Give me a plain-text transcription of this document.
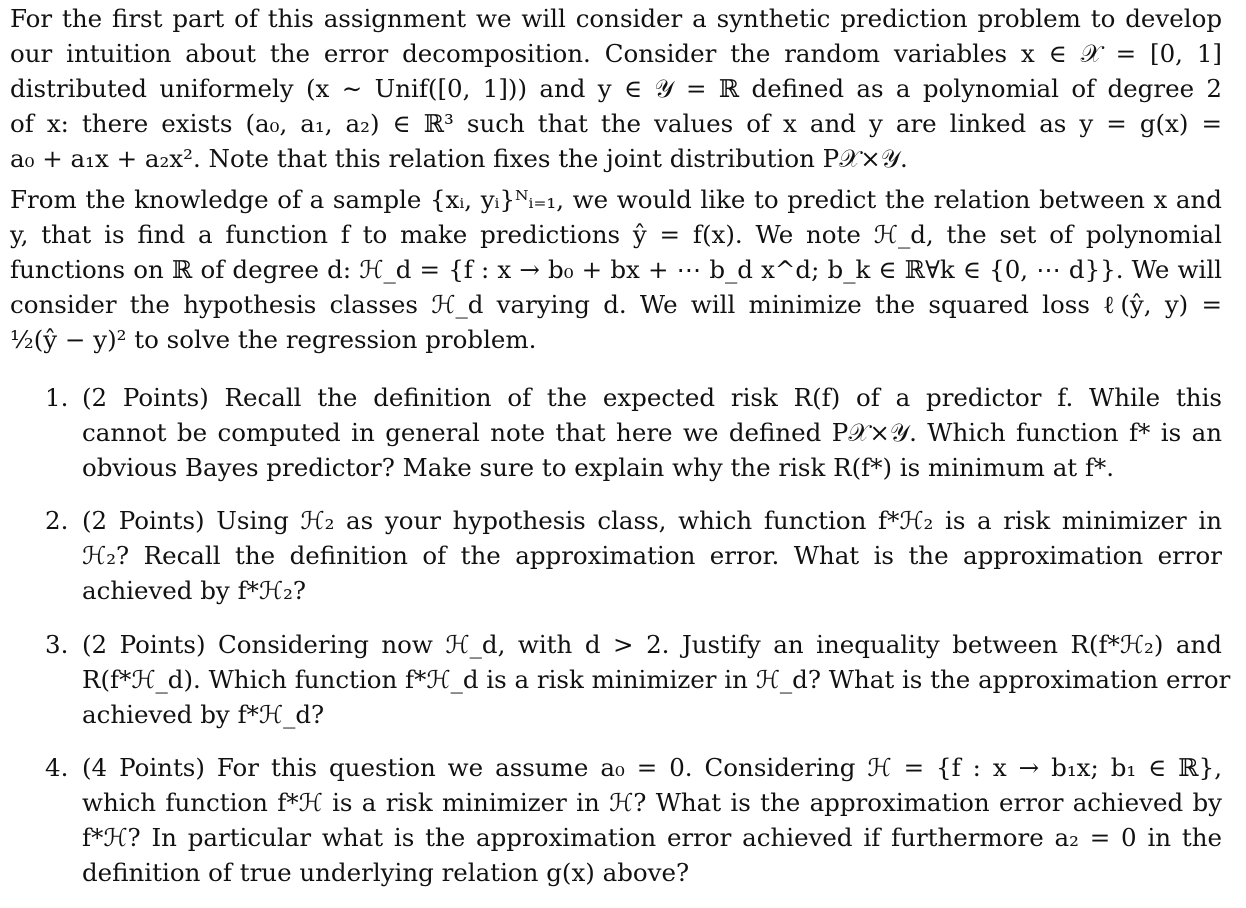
For the first part of this assignment we will consider a synthetic prediction problem to develop
our intuition about the error decomposition. Consider the random variables x ∈ 𝒳 = [0, 1]
distributed uniformely (x ∼ Unif([0, 1])) and y ∈ 𝒴 = ℝ defined as a polynomial of degree 2
of x: there exists (a₀, a₁, a₂) ∈ ℝ³ such that the values of x and y are linked as y = g(x) =
a₀ + a₁x + a₂x². Note that this relation fixes the joint distribution P𝒳×𝒴.
From the knowledge of a sample {xᵢ, yᵢ}ᴺᵢ₌₁, we would like to predict the relation between x and
y, that is find a function f to make predictions ŷ = f(x). We note ℋ_d, the set of polynomial
functions on ℝ of degree d: ℋ_d = {f : x → b₀ + bx + ⋯ b_d x^d; b_k ∈ ℝ∀k ∈ {0, ⋯ d}}. We will
consider the hypothesis classes ℋ_d varying d. We will minimize the squared loss ℓ(ŷ, y) =
½(ŷ − y)² to solve the regression problem.
1. (2 Points) Recall the definition of the expected risk R(f) of a predictor f. While this
cannot be computed in general note that here we defined P𝒳×𝒴. Which function f* is an
obvious Bayes predictor? Make sure to explain why the risk R(f*) is minimum at f*.
2. (2 Points) Using ℋ₂ as your hypothesis class, which function f*ℋ₂ is a risk minimizer in
ℋ₂? Recall the definition of the approximation error. What is the approximation error
achieved by f*ℋ₂?
3. (2 Points) Considering now ℋ_d, with d > 2. Justify an inequality between R(f*ℋ₂) and
R(f*ℋ_d). Which function f*ℋ_d is a risk minimizer in ℋ_d? What is the approximation error
achieved by f*ℋ_d?
4. (4 Points) For this question we assume a₀ = 0. Considering ℋ = {f : x → b₁x; b₁ ∈ ℝ},
which function f*ℋ is a risk minimizer in ℋ? What is the approximation error achieved by
f*ℋ? In particular what is the approximation error achieved if furthermore a₂ = 0 in the
definition of true underlying relation g(x) above?
